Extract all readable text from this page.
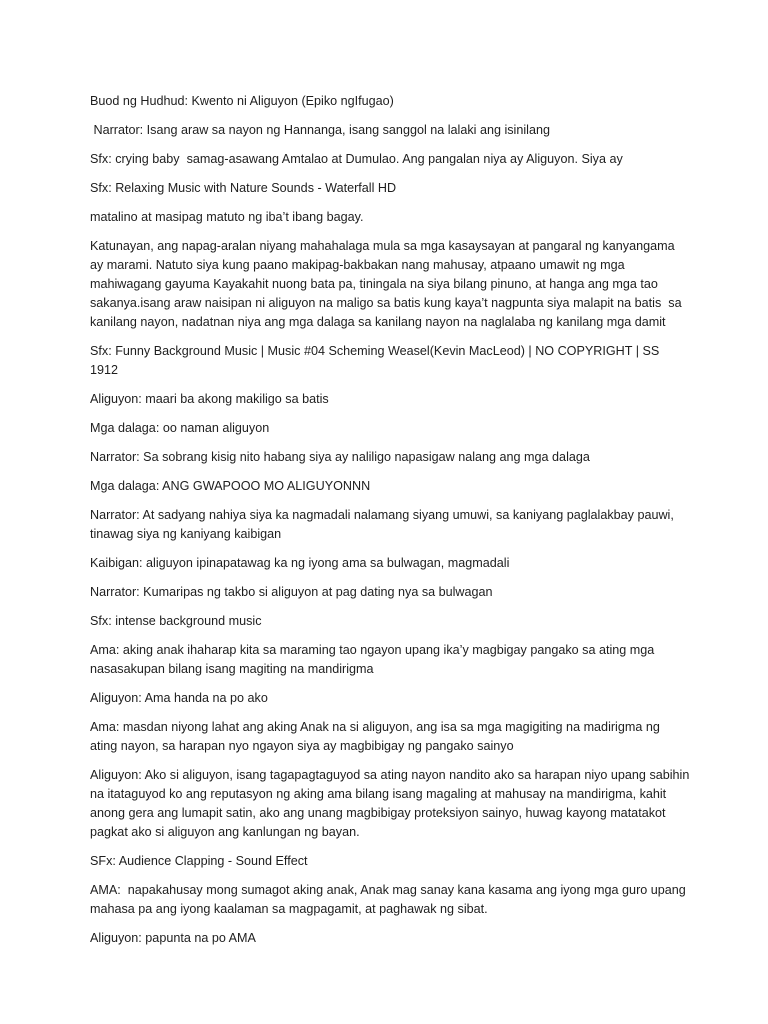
Buod ng Hudhud: Kwento ni Aliguyon (Epiko ngIfugao)

Narrator: Isang araw sa nayon ng Hannanga, isang sanggol na lalaki ang isinilang

Sfx: crying baby  samag-asawang Amtalao at Dumulao. Ang pangalan niya ay Aliguyon. Siya ay

Sfx: Relaxing Music with Nature Sounds - Waterfall HD

matalino at masipag matuto ng iba’t ibang bagay.

Katunayan, ang napag-aralan niyang mahahalaga mula sa mga kasaysayan at pangaral ng kanyangama ay marami. Natuto siya kung paano makipag-bakbakan nang mahusay, atpaano umawit ng mga mahiwagang gayuma Kayakahit nuong bata pa, tiningala na siya bilang pinuno, at hanga ang mga tao sakanya.isang araw naisipan ni aliguyon na maligo sa batis kung kaya’t nagpunta siya malapit na batis  sa kanilang nayon, nadatnan niya ang mga dalaga sa kanilang nayon na naglalaba ng kanilang mga damit

Sfx: Funny Background Music | Music #04 Scheming Weasel(Kevin MacLeod) | NO COPYRIGHT | SS 1912

Aliguyon: maari ba akong makiligo sa batis

Mga dalaga: oo naman aliguyon

Narrator: Sa sobrang kisig nito habang siya ay naliligo napasigaw nalang ang mga dalaga

Mga dalaga: ANG GWAPOOO MO ALIGUYONNN

Narrator: At sadyang nahiya siya ka nagmadali nalamang siyang umuwi, sa kaniyang paglalakbay pauwi, tinawag siya ng kaniyang kaibigan

Kaibigan: aliguyon ipinapatawag ka ng iyong ama sa bulwagan, magmadali

Narrator: Kumaripas ng takbo si aliguyon at pag dating nya sa bulwagan

Sfx: intense background music

Ama: aking anak ihaharap kita sa maraming tao ngayon upang ika’y magbigay pangako sa ating mga nasasakupan bilang isang magiting na mandirigma

Aliguyon: Ama handa na po ako

Ama: masdan niyong lahat ang aking Anak na si aliguyon, ang isa sa mga magigiting na madirigma ng ating nayon, sa harapan nyo ngayon siya ay magbibigay ng pangako sainyo

Aliguyon: Ako si aliguyon, isang tagapagtaguyod sa ating nayon nandito ako sa harapan niyo upang sabihin na itataguyod ko ang reputasyon ng aking ama bilang isang magaling at mahusay na mandirigma, kahit anong gera ang lumapit satin, ako ang unang magbibigay proteksiyon sainyo, huwag kayong matatakot pagkat ako si aliguyon ang kanlungan ng bayan.

SFx: Audience Clapping - Sound Effect

AMA:  napakahusay mong sumagot aking anak, Anak mag sanay kana kasama ang iyong mga guro upang mahasa pa ang iyong kaalaman sa magpagamit, at paghawak ng sibat.

Aliguyon: papunta na po AMA
